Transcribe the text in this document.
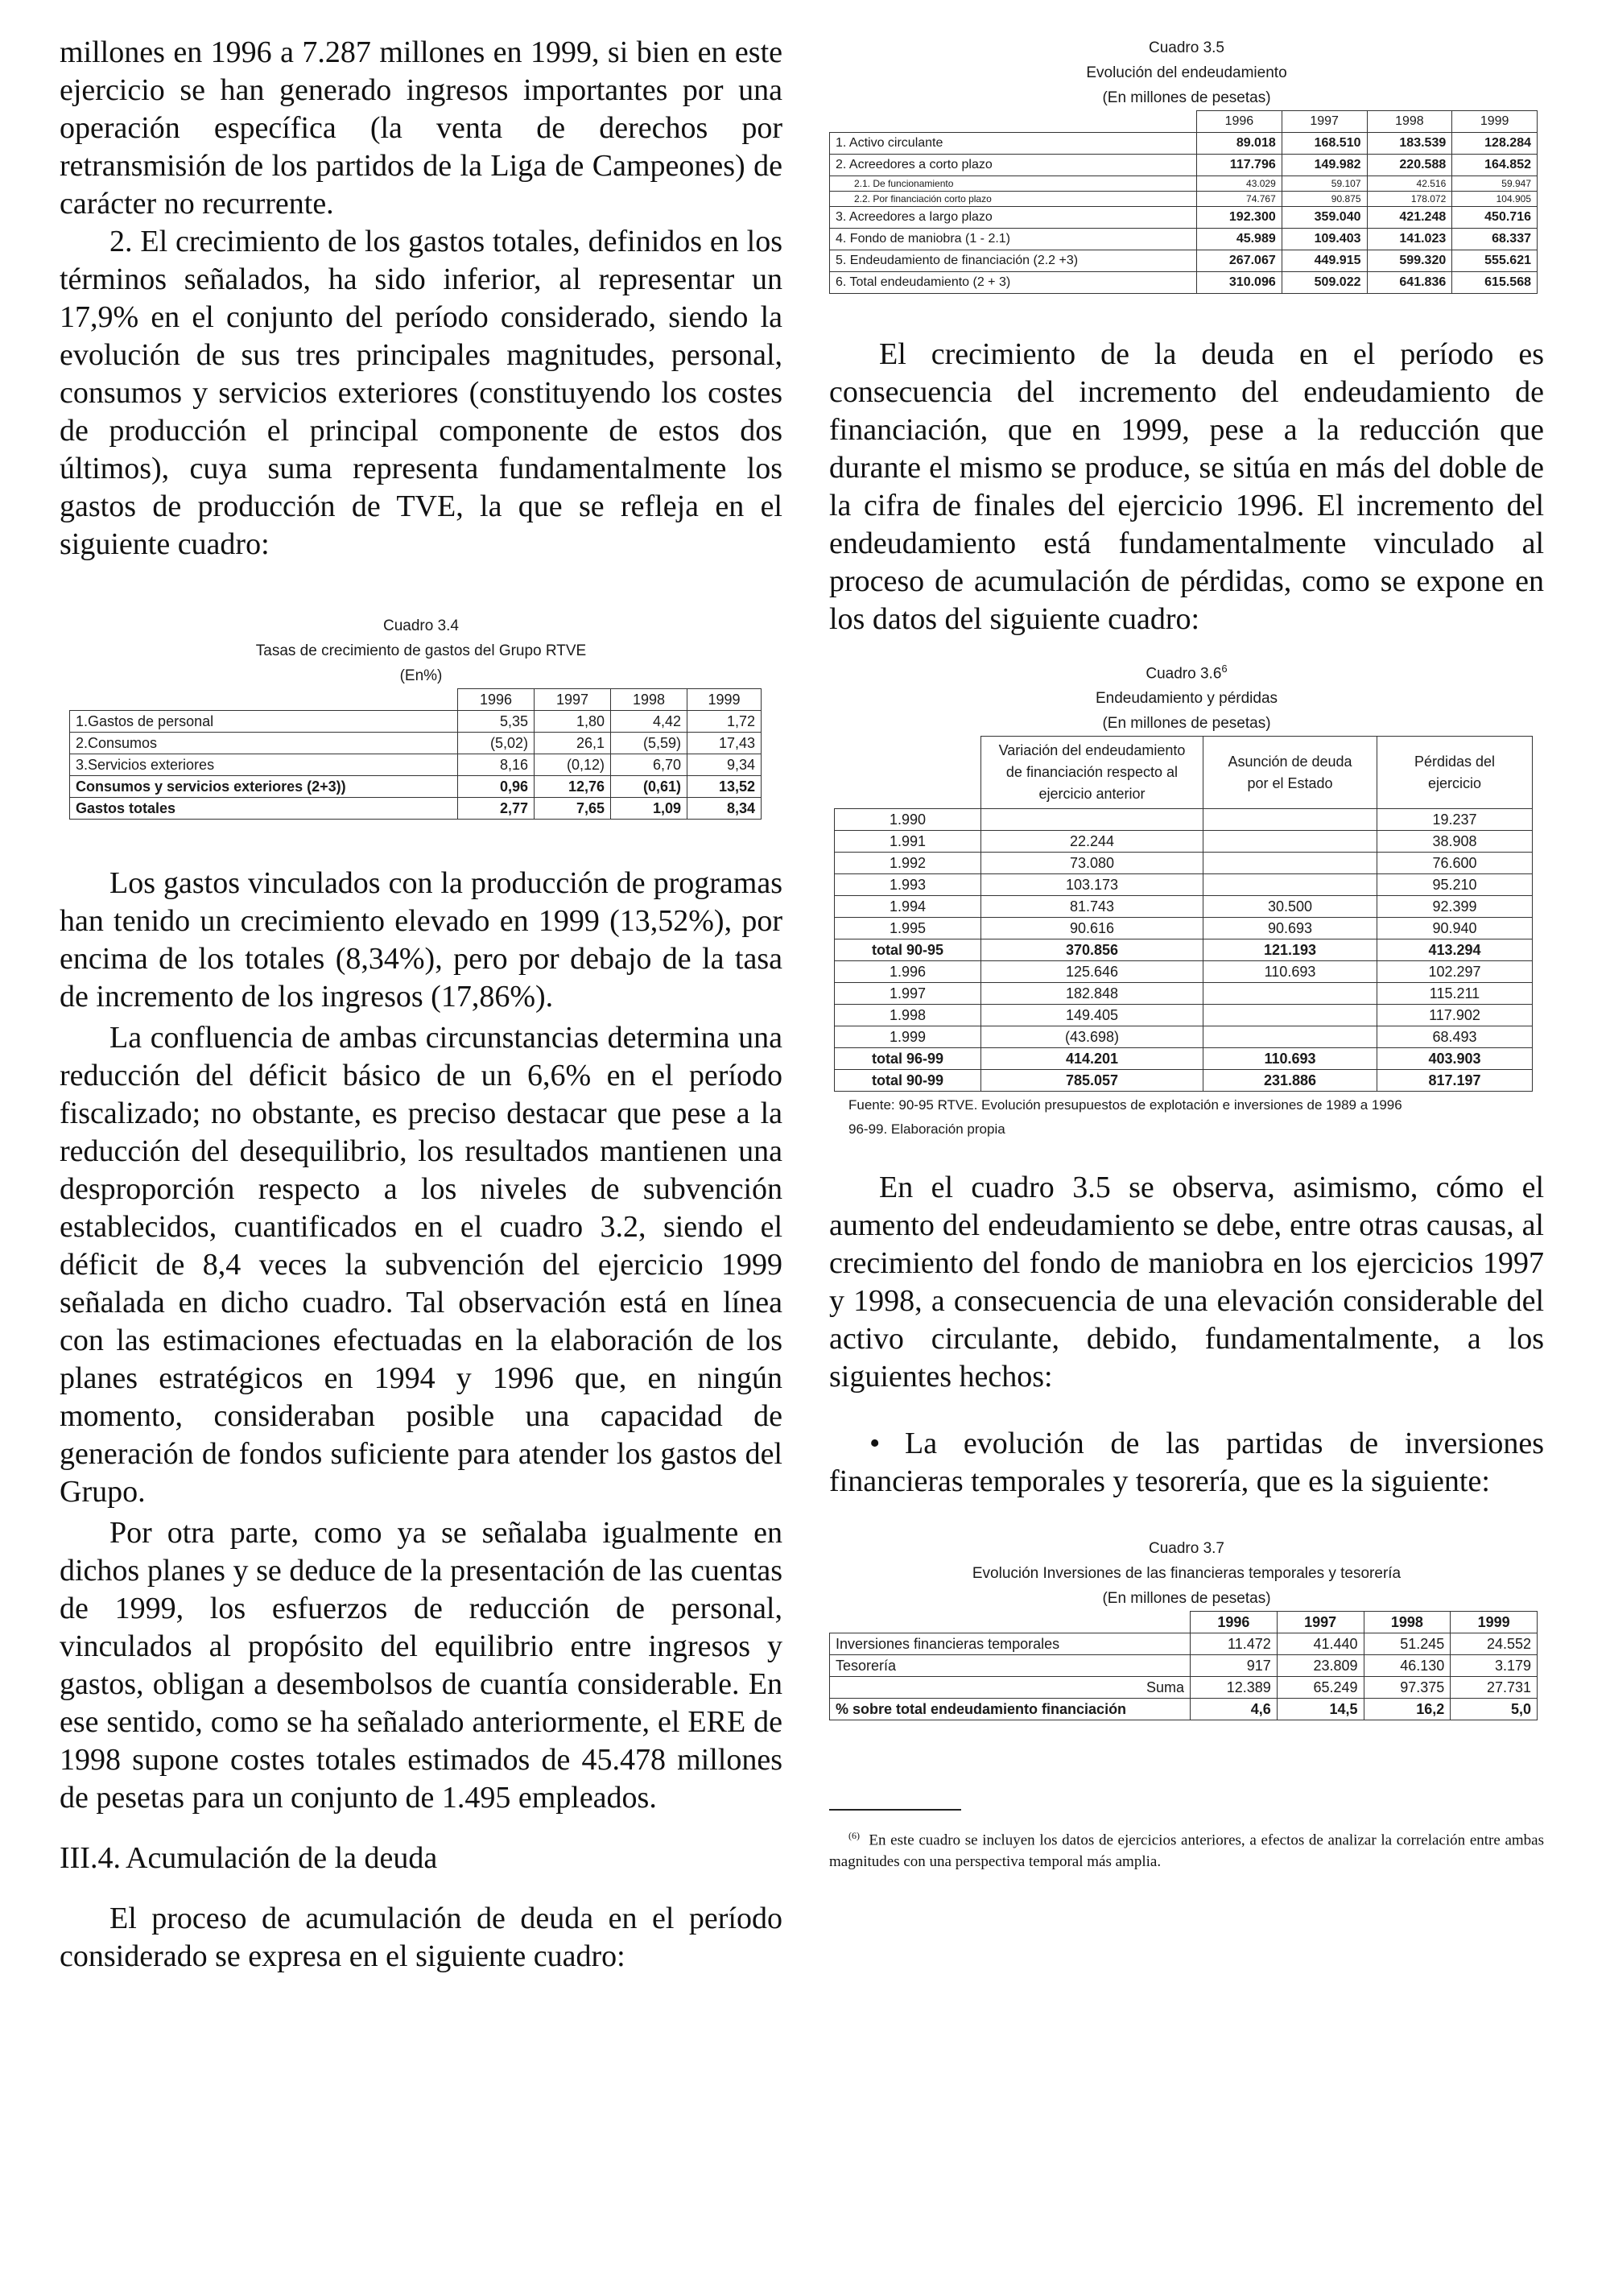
millones en 1996 a 7.287 millones en 1999, si bien en este ejercicio se han generado ingresos importantes por una operación específica (la venta de derechos por retransmisión de los partidos de la Liga de Campeones) de carácter no recurrente.

2. El crecimiento de los gastos totales, definidos en los términos señalados, ha sido inferior, al representar un 17,9% en el conjunto del período considerado, siendo la evolución de sus tres principales magnitudes, personal, consumos y servicios exteriores (constituyendo los costes de producción el principal componente de estos dos últimos), cuya suma representa fundamentalmente los gastos de producción de TVE, la que se refleja en el siguiente cuadro:

Cuadro 3.4
Tasas de crecimiento de gastos del Grupo RTVE
(En%)
	1996	1997	1998	1999
1.Gastos de personal	5,35	1,80	4,42	1,72
2.Consumos	(5,02)	26,1	(5,59)	17,43
3.Servicios exteriores	8,16	(0,12)	6,70	9,34
Consumos y servicios exteriores (2+3))	0,96	12,76	(0,61)	13,52
Gastos totales	2,77	7,65	1,09	8,34

Los gastos vinculados con la producción de programas han tenido un crecimiento elevado en 1999 (13,52%), por encima de los totales (8,34%), pero por debajo de la tasa de incremento de los ingresos (17,86%).

La confluencia de ambas circunstancias determina una reducción del déficit básico de un 6,6% en el período fiscalizado; no obstante, es preciso destacar que pese a la reducción del desequilibrio, los resultados mantienen una desproporción respecto a los niveles de subvención establecidos, cuantificados en el cuadro 3.2, siendo el déficit de 8,4 veces la subvención del ejercicio 1999 señalada en dicho cuadro. Tal observación está en línea con las estimaciones efectuadas en la elaboración de los planes estratégicos en 1994 y 1996 que, en ningún momento, consideraban posible una capacidad de generación de fondos suficiente para atender los gastos del Grupo.

Por otra parte, como ya se señalaba igualmente en dichos planes y se deduce de la presentación de las cuentas de 1999, los esfuerzos de reducción de personal, vinculados al propósito del equilibrio entre ingresos y gastos, obligan a desembolsos de cuantía considerable. En ese sentido, como se ha señalado anteriormente, el ERE de 1998 supone costes totales estimados de 45.478 millones de pesetas para un conjunto de 1.495 empleados.

III.4. Acumulación de la deuda

El proceso de acumulación de deuda en el período considerado se expresa en el siguiente cuadro:

Cuadro 3.5
Evolución del endeudamiento
(En millones de pesetas)
	1996	1997	1998	1999
1. Activo circulante	89.018	168.510	183.539	128.284
2. Acreedores a corto plazo	117.796	149.982	220.588	164.852
2.1. De funcionamiento	43.029	59.107	42.516	59.947
2.2. Por financiación corto plazo	74.767	90.875	178.072	104.905
3. Acreedores a largo plazo	192.300	359.040	421.248	450.716
4. Fondo de maniobra (1 - 2.1)	45.989	109.403	141.023	68.337
5. Endeudamiento de financiación (2.2 +3)	267.067	449.915	599.320	555.621
6. Total endeudamiento (2 + 3)	310.096	509.022	641.836	615.568

El crecimiento de la deuda en el período es consecuencia del incremento del endeudamiento de financiación, que en 1999, pese a la reducción que durante el mismo se produce, se sitúa en más del doble de la cifra de finales del ejercicio 1996. El incremento del endeudamiento está fundamentalmente vinculado al proceso de acumulación de pérdidas, como se expone en los datos del siguiente cuadro:

Cuadro $3.6^6$
Endeudamiento y pérdidas
(En millones de pesetas)
	Variación del endeudamiento de financiación respecto al ejercicio anterior	Asunción de deuda por el Estado	Pérdidas del ejercicio
1.990			19.237
1.991	22.244		38.908
1.992	73.080		76.600
1.993	103.173		95.210
1.994	81.743	30.500	92.399
1.995	90.616	90.693	90.940
total 90-95	370.856	121.193	413.294
1.996	125.646	110.693	102.297
1.997	182.848		115.211
1.998	149.405		117.902
1.999	(43.698)		68.493
total 96-99	414.201	110.693	403.903
total 90-99	785.057	231.886	817.197
Fuente: 90-95 RTVE. Evolución presupuestos de explotación e inversiones de 1989 a 1996
96-99. Elaboración propia

En el cuadro 3.5 se observa, asimismo, cómo el aumento del endeudamiento se debe, entre otras causas, al crecimiento del fondo de maniobra en los ejercicios 1997 y 1998, a consecuencia de una elevación considerable del activo circulante, debido, fundamentalmente, a los siguientes hechos:

• La evolución de las partidas de inversiones financieras temporales y tesorería, que es la siguiente:
Cuadro 3.7
Evolución Inversiones de las financieras temporales y tesorería
(En millones de pesetas)
	1996	1997	1998	1999
Inversiones financieras temporales	11.472	41.440	51.245	24.552
Tesorería	917	23.809	46.130	3.179
Suma	12.389	65.249	97.375	27.731
% sobre total endeudamiento financiación	4,6	14,5	16,2	5,0
$^{(6)}$ En este cuadro se incluyen los datos de ejercicios anteriores, a efectos de analizar la correlación entre ambas magnitudes con una perspectiva temporal más amplia.
